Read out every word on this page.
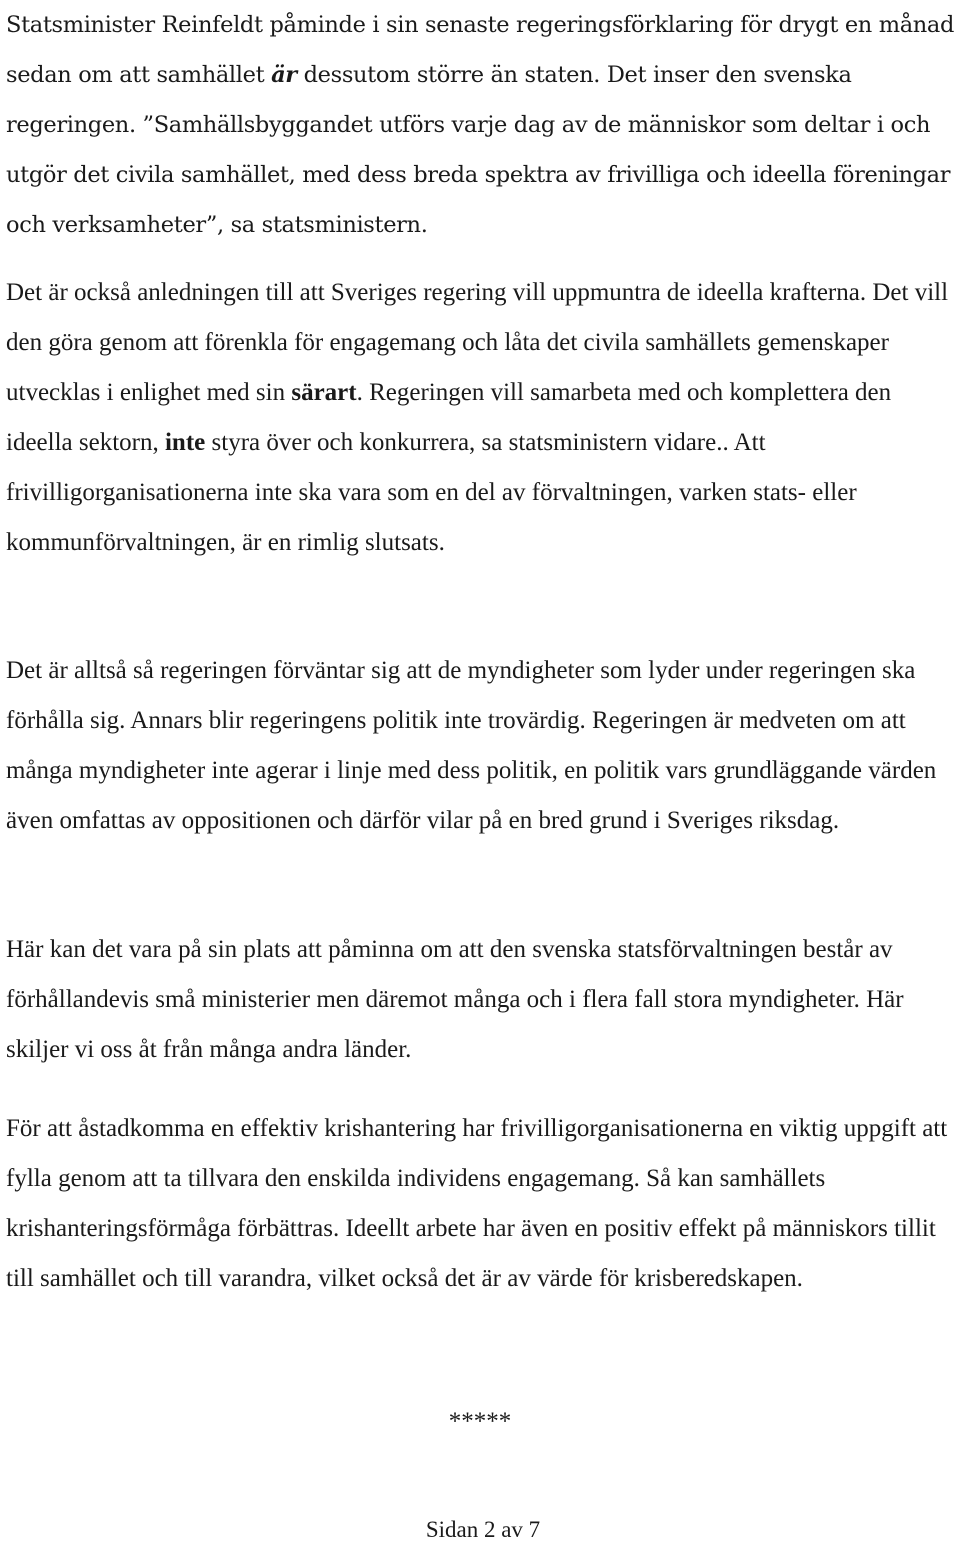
Statsminister Reinfeldt påminde i sin senaste regeringsförklaring för drygt en månad sedan om att samhället är dessutom större än staten. Det inser den svenska regeringen. ”Samhällsbyggandet utförs varje dag av de människor som deltar i och utgör det civila samhället, med dess breda spektra av frivilliga och ideella föreningar och verksamheter”, sa statsministern.

Det är också anledningen till att Sveriges regering vill uppmuntra de ideella krafterna. Det vill den göra genom att förenkla för engagemang och låta det civila samhällets gemenskaper utvecklas i enlighet med sin särart. Regeringen vill samarbeta med och komplettera den ideella sektorn, inte styra över och konkurrera, sa statsministern vidare.. Att frivilligorganisationerna inte ska vara som en del av förvaltningen, varken stats- eller kommunförvaltningen, är en rimlig slutsats.

Det är alltså så regeringen förväntar sig att de myndigheter som lyder under regeringen ska förhålla sig. Annars blir regeringens politik inte trovärdig. Regeringen är medveten om att många myndigheter inte agerar i linje med dess politik, en politik vars grundläggande värden även omfattas av oppositionen och därför vilar på en bred grund i Sveriges riksdag.

Här kan det vara på sin plats att påminna om att den svenska statsförvaltningen består av förhållandevis små ministerier men däremot många och i flera fall stora myndigheter. Här skiljer vi oss åt från många andra länder.

För att åstadkomma en effektiv krishantering har frivilligorganisationerna en viktig uppgift att fylla genom att ta tillvara den enskilda individens engagemang. Så kan samhällets krishanteringsförmåga förbättras. Ideellt arbete har även en positiv effekt på människors tillit till samhället och till varandra, vilket också det är av värde för krisberedskapen.

*****
Sidan 2 av 7
